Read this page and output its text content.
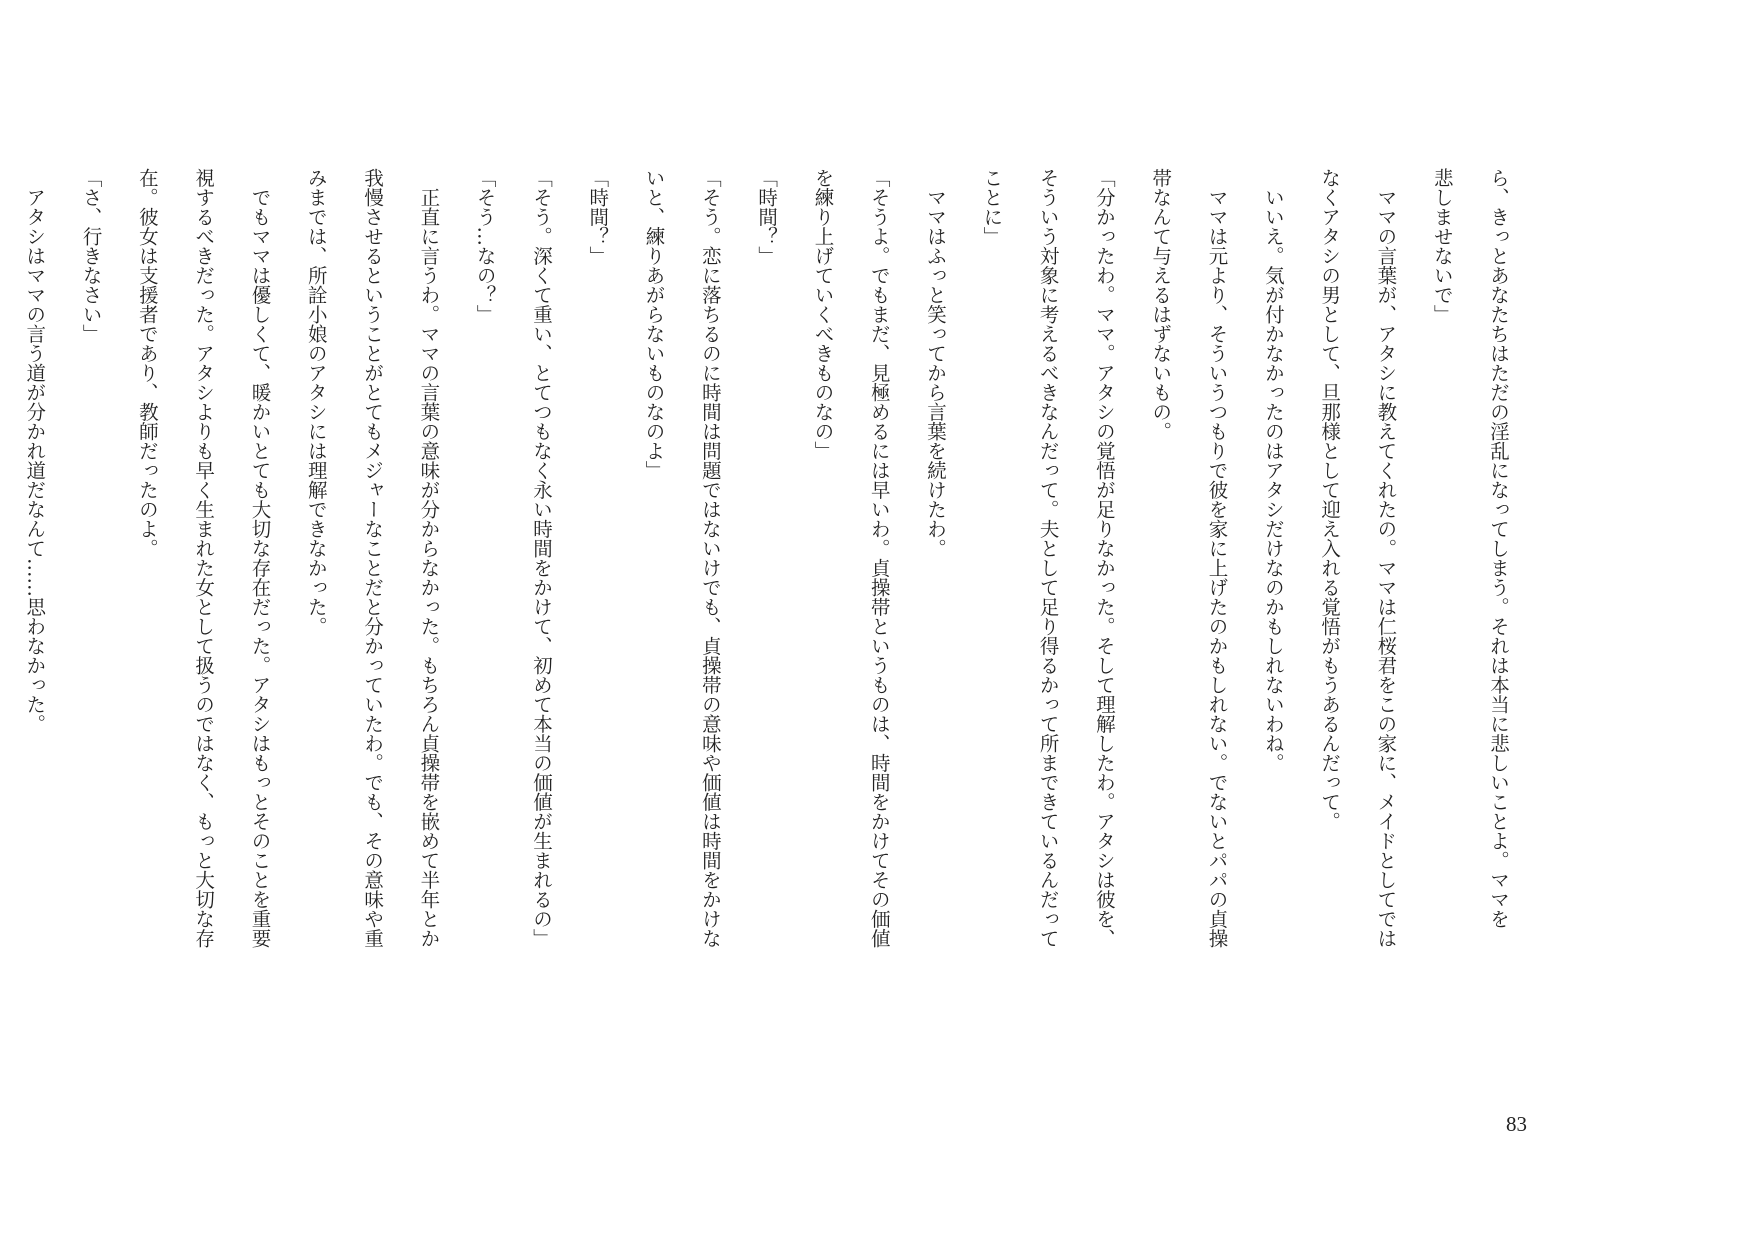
ら、きっとあなたちはただの淫乱になってしまう。それは本当に悲しいことよ。ママを
悲しませないで」
　ママの言葉が、アタシに教えてくれたの。ママは仁桜君をこの家に、メイドとしてでは
なくアタシの男として、旦那様として迎え入れる覚悟がもうあるんだって。
　いいえ。気が付かなかったのはアタシだけなのかもしれないわね。
　ママは元より、そういうつもりで彼を家に上げたのかもしれない。でないとパパの貞操
帯なんて与えるはずないもの。
「分かったわ。ママ。アタシの覚悟が足りなかった。そして理解したわ。アタシは彼を、
そういう対象に考えるべきなんだって。夫として足り得るかって所まできているんだって
ことに」
　ママはふっと笑ってから言葉を続けたわ。
「そうよ。でもまだ、見極めるには早いわ。貞操帯というものは、時間をかけてその価値
を練り上げていくべきものなの」
「時間？」
「そう。恋に落ちるのに時間は問題ではないけでも、貞操帯の意味や価値は時間をかけな
いと、練りあがらないものなのよ」
「時間？」
「そう。深くて重い、とてつもなく永い時間をかけて、初めて本当の価値が生まれるの」
「そう…なの？」
　正直に言うわ。ママの言葉の意味が分からなかった。もちろん貞操帯を嵌めて半年とか
我慢させるということがとてもメジャーなことだと分かっていたわ。でも、その意味や重
みまでは、所詮小娘のアタシには理解できなかった。
　でもママは優しくて、暖かいとても大切な存在だった。アタシはもっとそのことを重要
視するべきだった。アタシよりも早く生まれた女として扱うのではなく、もっと大切な存
在。彼女は支援者であり、教師だったのよ。
「さ、行きなさい」
　アタシはママの言う道が分かれ道だなんて……思わなかった。

83
